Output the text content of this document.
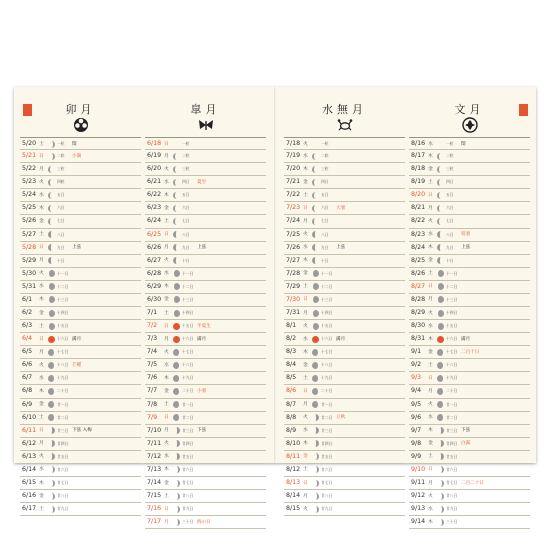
卯月	皐月	水無月	文月
5/20 土	一粒 閏
5/21 日	二粒 小満
5/22 月	三粒
5/23 火	四粒
5/24 水	五日
5/25 木	六日
5/26 金	七日
5/27 土	八日
5/28 日	九日 上弦
5/29 月	十日
5/30 火	十一日
5/31 水	十二日
6/1 木	十三日
6/2 金	十四日
6/3 土	十五日
6/4 日	十六日 満月
6/5 月	十七日
6/6 火	十八日 芒種
6/7 水	十九日
6/8 木	二十日
6/9 金	廿一日
6/10 土	廿二日
6/11 日	廿三日 下弦 入梅
6/12 月	廿四日
6/13 火	廿五日
6/14 水	廿六日
6/15 木	廿七日
6/16 金	廿八日
6/17 土	廿九日
6/18 日	一粒
6/19 月	二粒
6/20 火	三粒
6/21 水	四日 夏至
6/22 木	五日
6/23 金	六日
6/24 土	七日
6/25 日	八日
6/26 月	九日 上弦
6/27 火	十日
6/28 水	十一日
6/29 木	十二日
6/30 金	十三日
7/1 土	十四日
7/2 日	十五日 半夏生
7/3 月	十六日 満月
7/4 火	十七日
7/5 水	十八日
7/6 木	十九日
7/7 金	二十日 小暑
7/8 土	廿一日
7/9 日	廿二日
7/10 月	廿三日 下弦
7/11 火	廿四日
7/12 水	廿五日
7/13 木	廿六日
7/14 金	廿七日
7/15 土	廿八日
7/16 日	廿九日
7/17 月	三十日 海の日
7/18 火	一粒
7/19 水	二粒
7/20 木	三粒
7/21 金	四日
7/22 土	五日
7/23 日	六日 大暑
7/24 月	七日
7/25 火	八日
7/26 水	九日 上弦
7/27 木	十日
7/28 金	十一日
7/29 土	十二日
7/30 日	十三日
7/31 月	十四日
8/1 火	十五日
8/2 水	十六日 満月
8/3 木	十七日
8/4 金	十八日
8/5 土	十九日
8/6 日	二十日
8/7 月	廿一日
8/8 火	廿二日 立秋
8/9 水	廿三日
8/10 木	廿四日
8/11 金	廿五日
8/12 土	廿六日
8/13 日	廿七日
8/14 月	廿八日
8/15 火	廿九日
8/16 水	一粒 閏
8/17 木	二粒
8/18 金	三粒
8/19 土	四日
8/20 日	五日
8/21 月	六日
8/22 火	七日
8/23 水	八日 処暑
8/24 木	九日 上弦
8/25 金	十日
8/26 土	十一日
8/27 日	十二日
8/28 月	十三日
8/29 火	十四日
8/30 水	十五日
8/31 木	十六日 満月
9/1 金	十七日 二百十日
9/2 土	十八日
9/3 日	十九日
9/4 月	二十日
9/5 火	廿一日
9/6 水	廿二日
9/7 木	廿三日 下弦
9/8 金	廿四日 白露
9/9 土	廿五日
9/10 日	廿六日
9/11 月	廿七日 二百二十日
9/12 火	廿八日
9/13 水	廿九日
9/14 木	三十日
